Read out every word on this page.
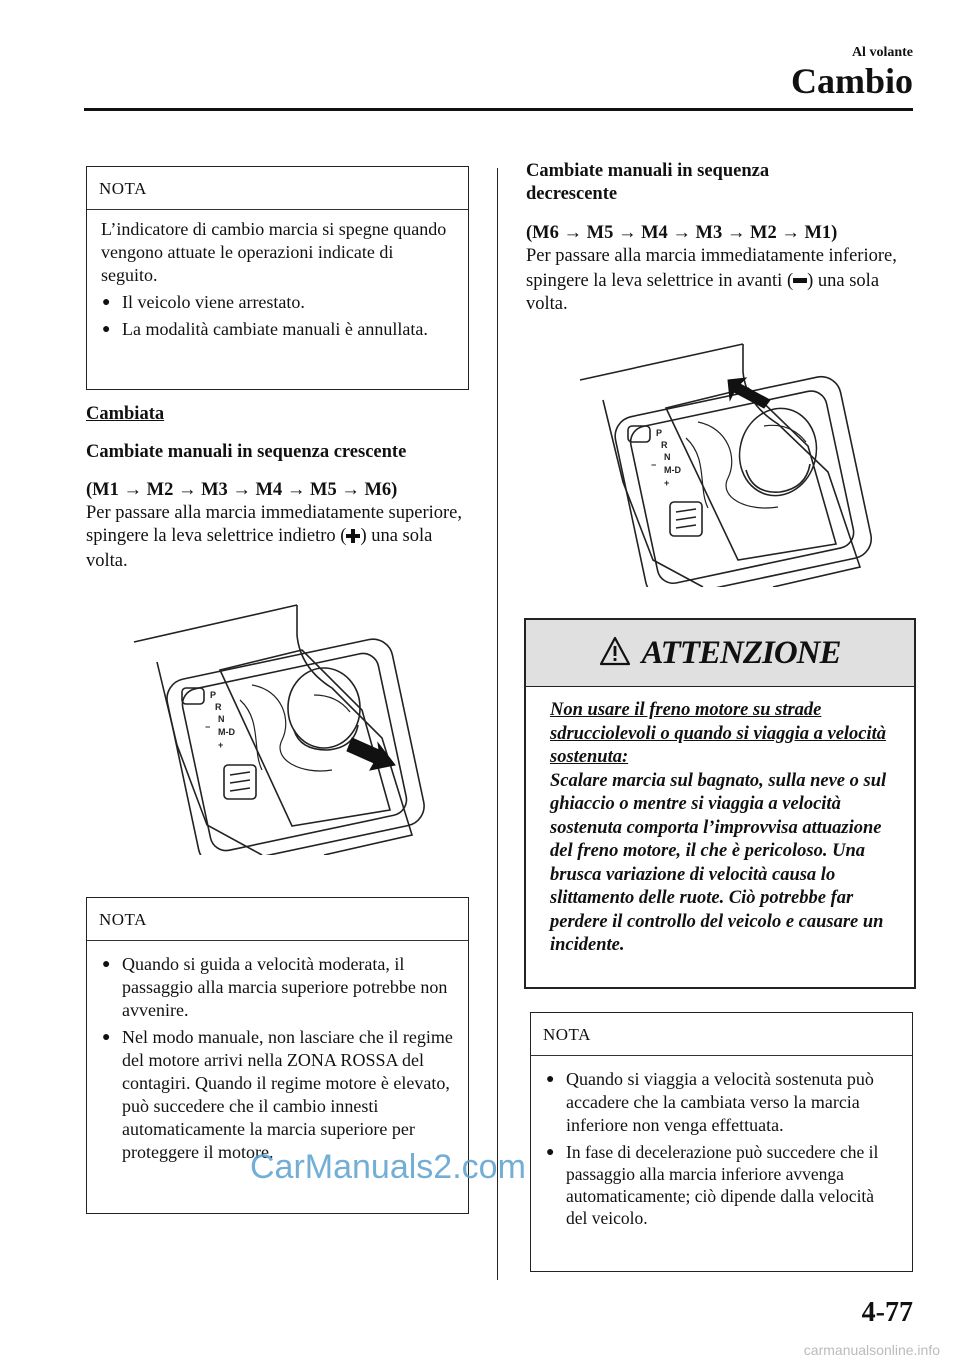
Al volante
Cambio
NOTA
L’indicatore di cambio marcia si spegne quando vengono attuate le operazioni indicate di seguito.
● Il veicolo viene arrestato.
● La modalità cambiate manuali è annullata.
Cambiata
Cambiate manuali in sequenza crescente
(M1 → M2 → M3 → M4 → M5 → M6)
Per passare alla marcia immediatamente superiore, spingere la leva selettrice indietro ( ) una sola volta.
P
R
N
− M-D
+
NOTA
● Quando si guida a velocità moderata, il passaggio alla marcia superiore potrebbe non avvenire.
● Nel modo manuale, non lasciare che il regime del motore arrivi nella ZONA ROSSA del contagiri. Quando il regime motore è elevato, può succedere che il cambio innesti automaticamente la marcia superiore per proteggere il motore.
Cambiate manuali in sequenza decrescente
(M6 → M5 → M4 → M3 → M2 → M1)
Per passare alla marcia immediatamente inferiore, spingere la leva selettrice in avanti ( ) una sola volta.
P
R
N
− M-D
+
ATTENZIONE
Non usare il freno motore su strade sdrucciolevoli o quando si viaggia a velocità sostenuta:
Scalare marcia sul bagnato, sulla neve o sul ghiaccio o mentre si viaggia a velocità sostenuta comporta l’improvvisa attuazione del freno motore, il che è pericoloso. Una brusca variazione di velocità causa lo slittamento delle ruote. Ciò potrebbe far perdere il controllo del veicolo e causare un incidente.
NOTA
● Quando si viaggia a velocità sostenuta può accadere che la cambiata verso la marcia inferiore non venga effettuata.
● In fase di decelerazione può succedere che il passaggio alla marcia inferiore avvenga automaticamente; ciò dipende dalla velocità del veicolo.
4-77
CarManuals2.com
carmanualsonline.info
